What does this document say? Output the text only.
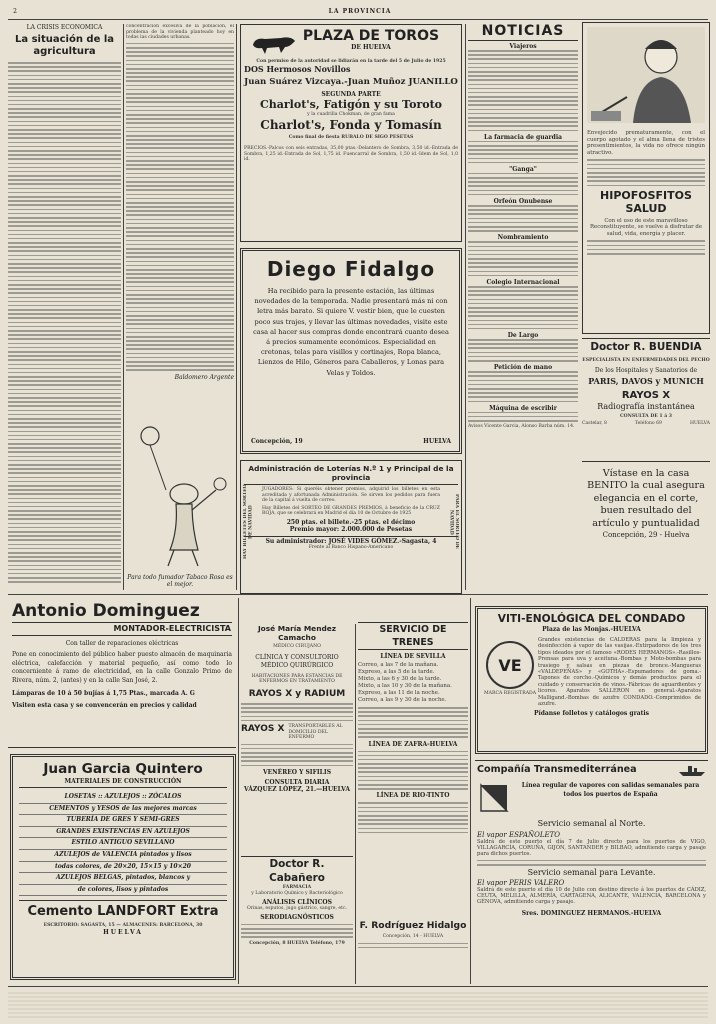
2	LA PROVINCIA
LA CRISIS ECONÓMICA
La situación de la agricultura
concentración excesiva de la población, el problema de la vivienda planteado hoy en todas las ciudades urbanas.
Baldomero Argente
Para todo fumador Tabaco Rosa es el mejor.
PLAZA DE TOROS
DE HUELVA
Con permiso de la autoridad se lidiarán en la tarde del 5 de Julio de 1925
DOS Hermosos Novillos
Juan Suárez Vizcaya.-Juan Muñoz JUANILLO
SEGUNDA PARTE
Charlot's, Fatigón y su Toroto
y la cuadrilla Chokman, de gran fama
Charlot's, Fonda y Tomasín
Como final de fiesta RUBALO DE SIGO PESETAS
PRECIOS.-Palcos con seis entradas, 35,00 ptas.-Delantero de Sombra, 3,50 id.-Entrada de Sombra, 1,25 id.-Entrada de Sol, 1,75 id. Fuencarral de Sombra, 1,50 id.-Idem de Sol, 1,0 id.
Diego Fidalgo
Ha recibido para la presente estación, las últimas novedades de la temporada. Nadie presentará más ni con letra más barato. Si quiere V. vestir bien, que le cuesten poco sus trajes, y llevar las últimas novedades, visite este casa al hacer sus compras donde encontrará cuanto desea á precios sumamente económicos. Especialidad en cretonas, telas para visillos y cortinajes, Ropa blanca, Lienzos de Hilo, Géneros para Caballeros, y Lonas para Velas y Toldos.
Concepción, 19	HUELVA
Administración de Loterías N.º 1 y Principal de la provincia
HAY BILLETES DEL SORTEO DE NAVIDAD	PARA EL SORTEO DE NAVIDAD
JUGADORES: Si queréis obtener premios, adquirid los billetes en esta acreditada y afortunada Administración. Se sirven los pedidos para fuera de la capital á vuelta de correo.
Hay Billetes del SORTEO DE GRANDES PREMIOS, á beneficio de la CRUZ ROJA, que se celebrará en Madrid el día 10 de Octubre de 1925
250 ptas. el billete.-25 ptas. el décimo
Premio mayor: 2.000.000 de Pesetas
Su administrador: JOSÉ VIDES GÓMEZ.-Sagasta, 4
Frente al Banco Hispano-Americano
NOTICIAS
Viajeros
La farmacia de guardia
"Ganga"
Orfeón Onubense
Nombramiento
Colegio Internacional
De Largo
Petición de mano
Máquina de escribir
Avisos Vicente Garcia, Alonso Barba núm. 14.
Envejecido prematuramente, con el cuerpo agotado y el alma llena de tristes presentimientos, la vida no ofrece ningún atractivo.
HIPOFOSFITOS SALUD
Con el uso de este maravilloso Reconstituyente, se vuelve á disfrutar de salud, vida, energía y placer.
Doctor R. BUENDIA
ESPECIALISTA EN ENFERMEDADES DEL PECHO
De los Hospitales y Sanatorios de
PARIS, DAVOS y MUNICH
RAYOS X
Radiografía instantánea
CONSULTA DE 1 á 3
Castelar, 8	Teléfono 69	HUELVA
Vístase en la casa BENITO la cual asegura elegancia en el corte, buen resultado del artículo y puntualidad
Concepción, 29 - Huelva
Antonio Dominguez
MONTADOR-ELECTRICISTA
Con taller de reparaciones eléctricas
Pone en conocimiento del público haber puesto almacén de maquinaria eléctrica, calefacción y material pequeño, así como todo lo concerniente á ramo de electricidad, en la calle Gonzalo Primo de Rivera, núm. 2, (antes) y en la calle San José, 2.
Lámparas de 10 á 50 bujías á 1,75 Ptas., marcada A. G
Visiten esta casa y se convencerán en precios y calidad
Juan Garcia Quintero
MATERIALES DE CONSTRUCCIÓN
LOSETAS :: AZULEJOS :: ZÓCALOS
CEMENTOS y YESOS de las mejores marcas
TUBERÍA DE GRES Y SEMI-GRES
GRANDES EXISTENCIAS EN AZULEJOS
ESTILO ANTIGUO SEVILLANO
AZULEJOS de VALENCIA pintados y lisos
todas colores, de 20×20, 15×15 y 10×20
AZULEJOS BELGAS, pintados, blancos y
de colores, lisos y pintados
Cemento LANDFORT Extra
ESCRITORIO: SAGASTA, 15 — ALMACENES: BARCELONA, 30
HUELVA
José María Mendez Camacho
MÉDICO CIRUJANO
CLÍNICA Y CONSULTORIO MÉDICO QUIRÚRGICO
HABITACIONES PARA ESTANCIAS DE ENFERMOS EN TRATAMIENTO
RAYOS X y RADIUM
RAYOS X TRANSPORTABLES AL DOMICILIO DEL ENFERMO
VENÉREO Y SIFILIS
CONSULTA DIARIA
VÁZQUEZ LÓPEZ, 21.—HUELVA
Doctor R. Cabañero
FARMACIA
y Laboratorio Químico y Bacteriológico
ANÁLISIS CLÍNICOS
Orinas, esputos, jugo gástrico, sangre, etc.
SERODIAGNÓSTICOS
Concepción, 8 HUELVA Teléfono, 179
SERVICIO DE TRENES
LÍNEA DE SEVILLA
Correo, a las 7 de la mañana.
Expreso, a las 5 de la tarde.
Mixto, a las 6 y 30 de la tarde.
Mixto, a las 10 y 30 de la mañana.
Expreso, a las 11 de la noche.
Correo, a las 9 y 30 de la noche.
LÍNEA DE ZAFRA-HUELVA
LÍNEA DE RIO-TINTO
F. Rodríguez Hidalgo
Concepción, 14 - HUELVA
VITI-ENOLÓGICA DEL CONDADO
Plaza de las Monjas.-HUELVA
VE
MARCA REGISTRADA
Grandes existencias de CALDERAS para la limpieza y desinfección á vapor de las vasijas.-Extirpadores de los tres tipos ideados por el famoso «RODES HERMANOS».-Rasillos-Prensas para uva y aceituna.-Bombas y Moto-bombas para trasiego y salsas en piezas de bronce.-Mangueras «VALDEPEÑAS» y «GOTHA».-Espumadores de goma.-Tapones de corcho.-Químicos y demás productos para el cuidado y conservación de vinos.-Fábricas de aguardientes y licores. Aparatos SALLERON en general.-Aparatos Malligand.-Bombas de azufre CONDADO.-Comprimidos de azufre.
Pídanse folletos y catálogos gratis
Compañía Transmediterránea
Línea regular de vapores con salidas semanales para todos los puertos de España
Servicio semanal al Norte.
El vapor ESPAÑOLETO
Saldrá de este puerto el día 7 de Julio directo para los puertos de VIGO, VILLAGARCÍA, CORUÑA, GIJÓN, SANTANDER y BILBAO, admitiendo carga y pasaje para dichos puertos.
Servicio semanal para Levante.
El vapor PERIS VALERO
Saldrá de este puerto el día 10 de Julio con destino directo á los puertos de CÁDIZ, CEUTA, MELILLA, ALMERÍA, CARTAGENA, ALICANTE, VALENCIA, BARCELONA y GÉNOVA, admitiendo carga y pasaje.
Sres. DOMINGUEZ HERMANOS.-HUELVA
